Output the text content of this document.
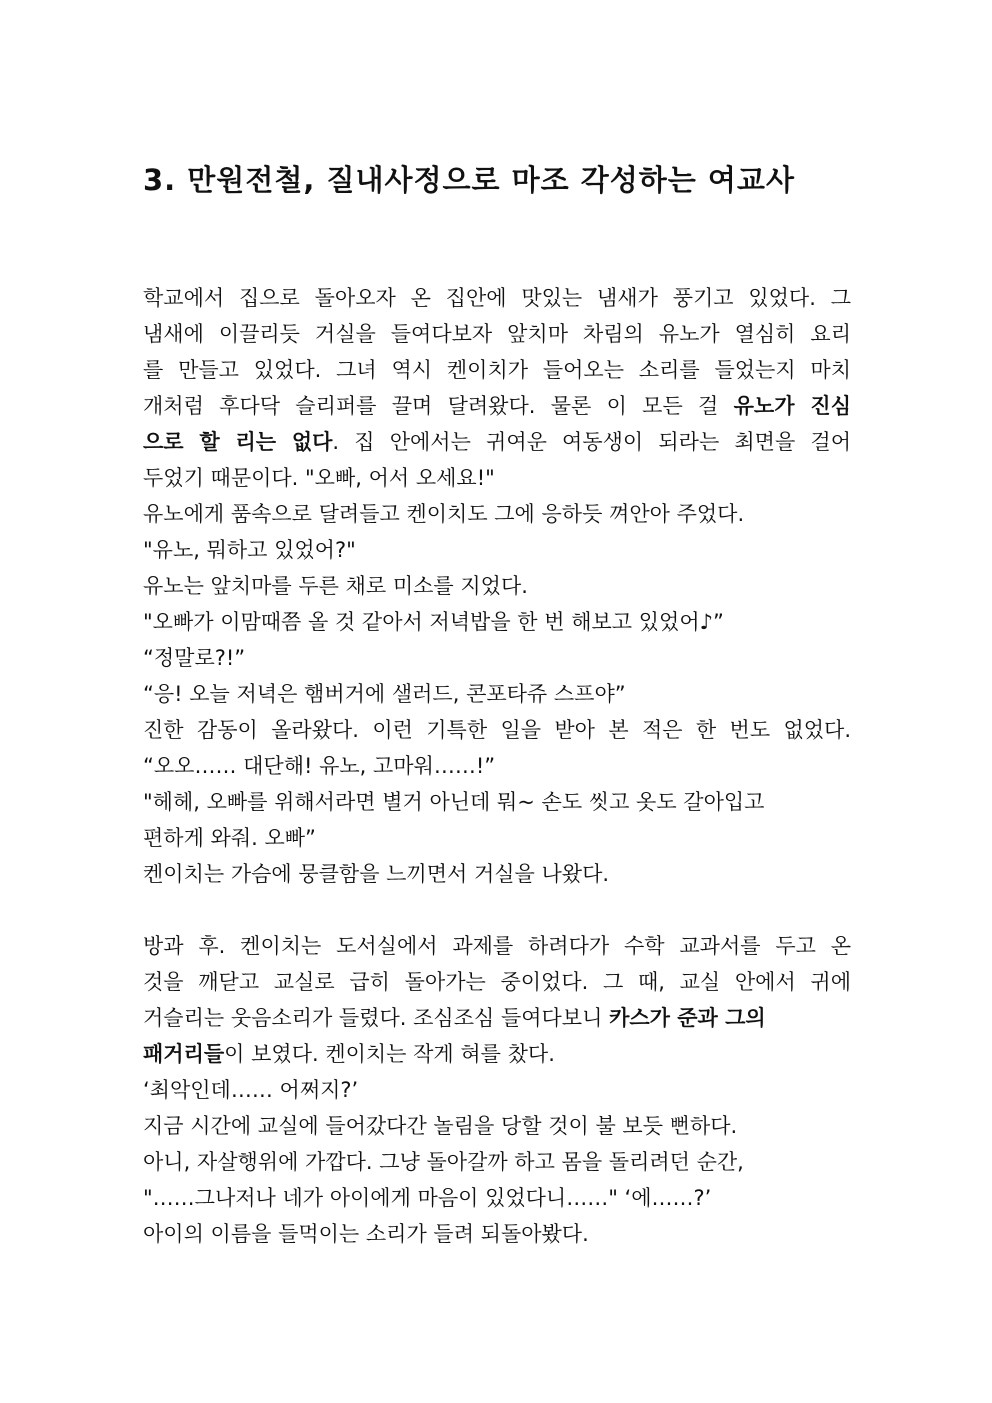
3. 만원전철, 질내사정으로 마조 각성하는 여교사
학교에서 집으로 돌아오자 온 집안에 맛있는 냄새가 풍기고 있었다. 그
냄새에 이끌리듯 거실을 들여다보자 앞치마 차림의 유노가 열심히 요리
를 만들고 있었다. 그녀 역시 켄이치가 들어오는 소리를 들었는지 마치
개처럼 후다닥 슬리퍼를 끌며 달려왔다. 물론 이 모든 걸 유노가 진심
으로 할 리는 없다. 집 안에서는 귀여운 여동생이 되라는 최면을 걸어
두었기 때문이다. "오빠, 어서 오세요!"
유노에게 품속으로 달려들고 켄이치도 그에 응하듯 껴안아 주었다.
"유노, 뭐하고 있었어?"
유노는 앞치마를 두른 채로 미소를 지었다.
"오빠가 이맘때쯤 올 것 같아서 저녁밥을 한 번 해보고 있었어♪”
“정말로?!”
“응! 오늘 저녁은 햄버거에 샐러드, 콘포타쥬 스프야”
진한 감동이 올라왔다. 이런 기특한 일을 받아 본 적은 한 번도 없었다.
“오오…… 대단해! 유노, 고마워……!”
"헤헤, 오빠를 위해서라면 별거 아닌데 뭐~ 손도 씻고 옷도 갈아입고
편하게 와줘. 오빠”
켄이치는 가슴에 뭉클함을 느끼면서 거실을 나왔다.
방과 후. 켄이치는 도서실에서 과제를 하려다가 수학 교과서를 두고 온
것을 깨닫고 교실로 급히 돌아가는 중이었다. 그 때, 교실 안에서 귀에
거슬리는 웃음소리가 들렸다. 조심조심 들여다보니 카스가 준과 그의
패거리들이 보였다. 켄이치는 작게 혀를 찼다.
‘최악인데…… 어쩌지?’
지금 시간에 교실에 들어갔다간 놀림을 당할 것이 불 보듯 뻔하다.
아니, 자살행위에 가깝다. 그냥 돌아갈까 하고 몸을 돌리려던 순간,
"……그나저나 네가 아이에게 마음이 있었다니……" ‘에……?’
아이의 이름을 들먹이는 소리가 들려 되돌아봤다.
